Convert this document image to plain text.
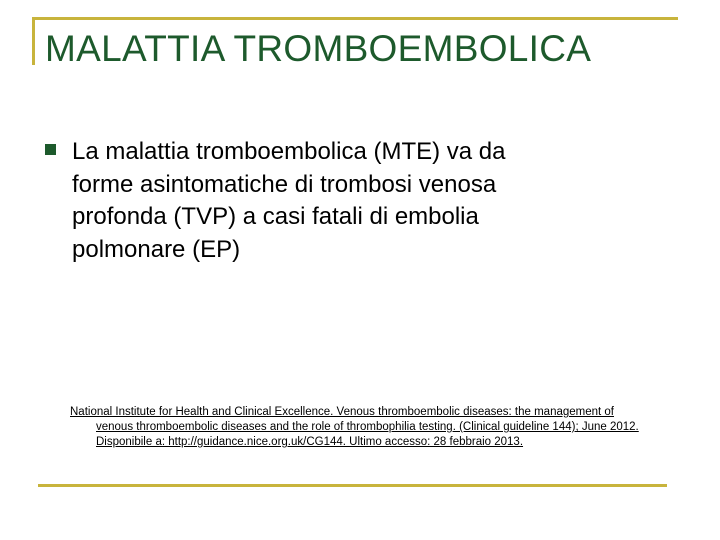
MALATTIA TROMBOEMBOLICA
La malattia tromboembolica (MTE) va da
forme asintomatiche di trombosi venosa
profonda (TVP) a casi fatali di embolia
polmonare (EP)
National Institute for Health and Clinical Excellence. Venous thromboembolic diseases: the management of
venous thromboembolic diseases and the role of thrombophilia testing. (Clinical guideline 144); June 2012.
Disponibile a: http://guidance.nice.org.uk/CG144. Ultimo accesso: 28 febbraio 2013.
